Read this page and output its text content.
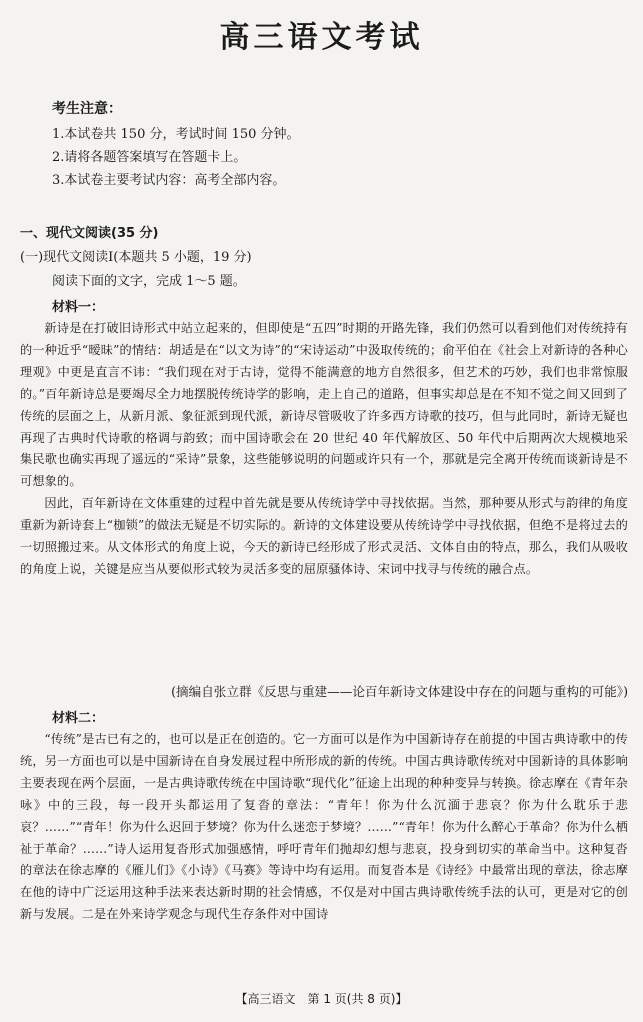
高三语文考试
考生注意：
1.本试卷共 150 分，考试时间 150 分钟。
2.请将各题答案填写在答题卡上。
3.本试卷主要考试内容：高考全部内容。
一、现代文阅读(35 分)
(一)现代文阅读Ⅰ(本题共 5 小题，19 分)
阅读下面的文字，完成 1～5 题。
材料一：

新诗是在打破旧诗形式中站立起来的，但即使是“五四”时期的开路先锋，我们仍然可以看到他们对传统持有的一种近乎“暧昧”的情结：胡适是在“以文为诗”的“宋诗运动”中汲取传统的；俞平伯在《社会上对新诗的各种心理观》中更是直言不讳：“我们现在对于古诗，觉得不能满意的地方自然很多，但艺术的巧妙，我们也非常惊服的。”百年新诗总是要竭尽全力地摆脱传统诗学的影响，走上自己的道路，但事实却总是在不知不觉之间又回到了传统的层面之上，从新月派、象征派到现代派，新诗尽管吸收了许多西方诗歌的技巧，但与此同时，新诗无疑也再现了古典时代诗歌的格调与韵致；而中国诗歌会在 20 世纪 40 年代解放区、50 年代中后期两次大规模地采集民歌也确实再现了遥远的“采诗”景象，这些能够说明的问题或许只有一个，那就是完全离开传统而谈新诗是不可想象的。

因此，百年新诗在文体重建的过程中首先就是要从传统诗学中寻找依据。当然，那种要从形式与韵律的角度重新为新诗套上“枷锁”的做法无疑是不切实际的。新诗的文体建设要从传统诗学中寻找依据，但绝不是将过去的一切照搬过来。从文体形式的角度上说，今天的新诗已经形成了形式灵活、文体自由的特点，那么，我们从吸收的角度上说，关键是应当从要似形式较为灵活多变的屈原骚体诗、宋词中找寻与传统的融合点。

(摘编自张立群《反思与重建——论百年新诗文体建设中存在的问题与重构的可能》)
材料二：

“传统”是古已有之的，也可以是正在创造的。它一方面可以是作为中国新诗存在前提的中国古典诗歌中的传统，另一方面也可以是中国新诗在自身发展过程中所形成的新的传统。中国古典诗歌传统对中国新诗的具体影响主要表现在两个层面，一是古典诗歌传统在中国诗歌“现代化”征途上出现的种种变异与转换。徐志摩在《青年杂咏》中的三段，每一段开头都运用了复沓的章法：“青年！你为什么沉湎于悲哀？你为什么耽乐于悲哀？……”“青年！你为什么迟回于梦境？你为什么迷恋于梦境？……”“青年！你为什么醉心于革命？你为什么栖祉于革命？……”诗人运用复沓形式加强感情，呼吁青年们抛却幻想与悲哀，投身到切实的革命当中。这种复沓的章法在徐志摩的《雁儿们》《小诗》《马赛》等诗中均有运用。而复沓本是《诗经》中最常出现的章法，徐志摩在他的诗中广泛运用这种手法来表达新时期的社会情感，不仅是对中国古典诗歌传统手法的认可，更是对它的创新与发展。二是在外来诗学观念与现代生存条件对中国诗

【高三语文　第 1 页(共 8 页)】
